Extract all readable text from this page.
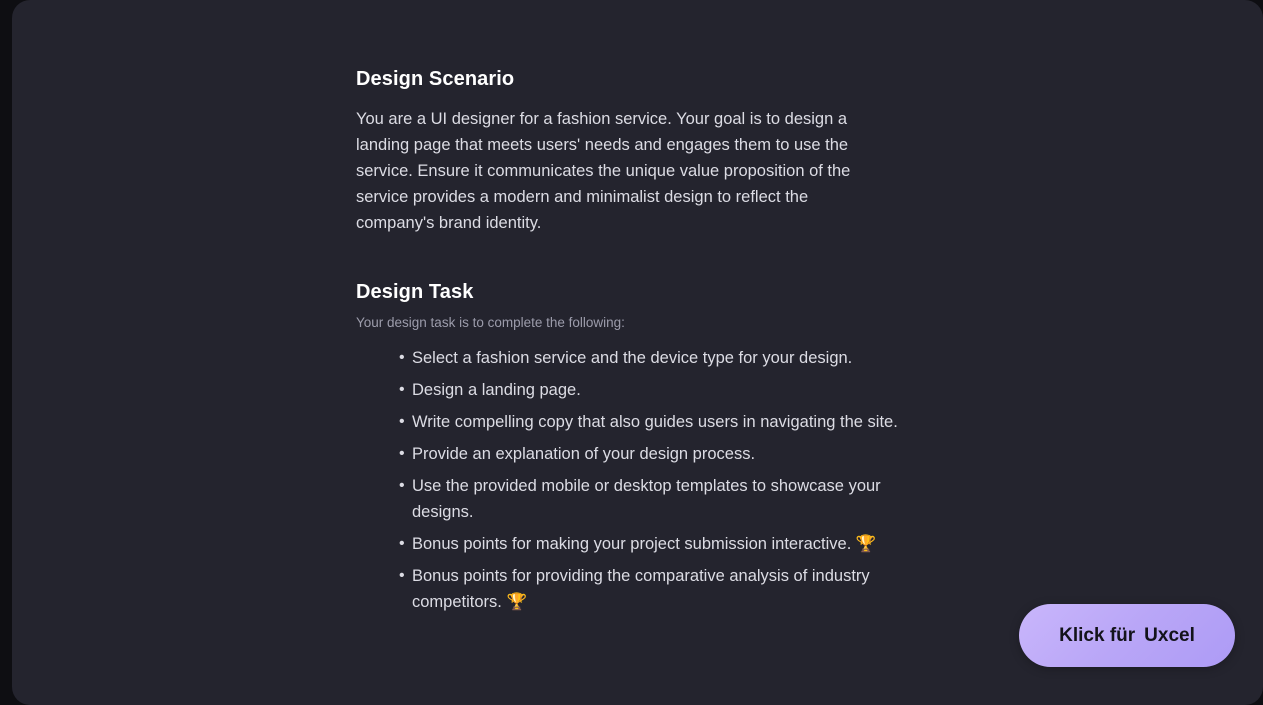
Design Scenario

You are a UI designer for a fashion service. Your goal is to design a landing page that meets users' needs and engages them to use the service. Ensure it communicates the unique value proposition of the service provides a modern and minimalist design to reflect the company's brand identity.

Design Task

Your design task is to complete the following:

• Select a fashion service and the device type for your design.
• Design a landing page.
• Write compelling copy that also guides users in navigating the site.
• Provide an explanation of your design process.
• Use the provided mobile or desktop templates to showcase your designs.
• Bonus points for making your project submission interactive. 🏆
• Bonus points for providing the comparative analysis of industry competitors. 🏆
Klick für Uxcel
